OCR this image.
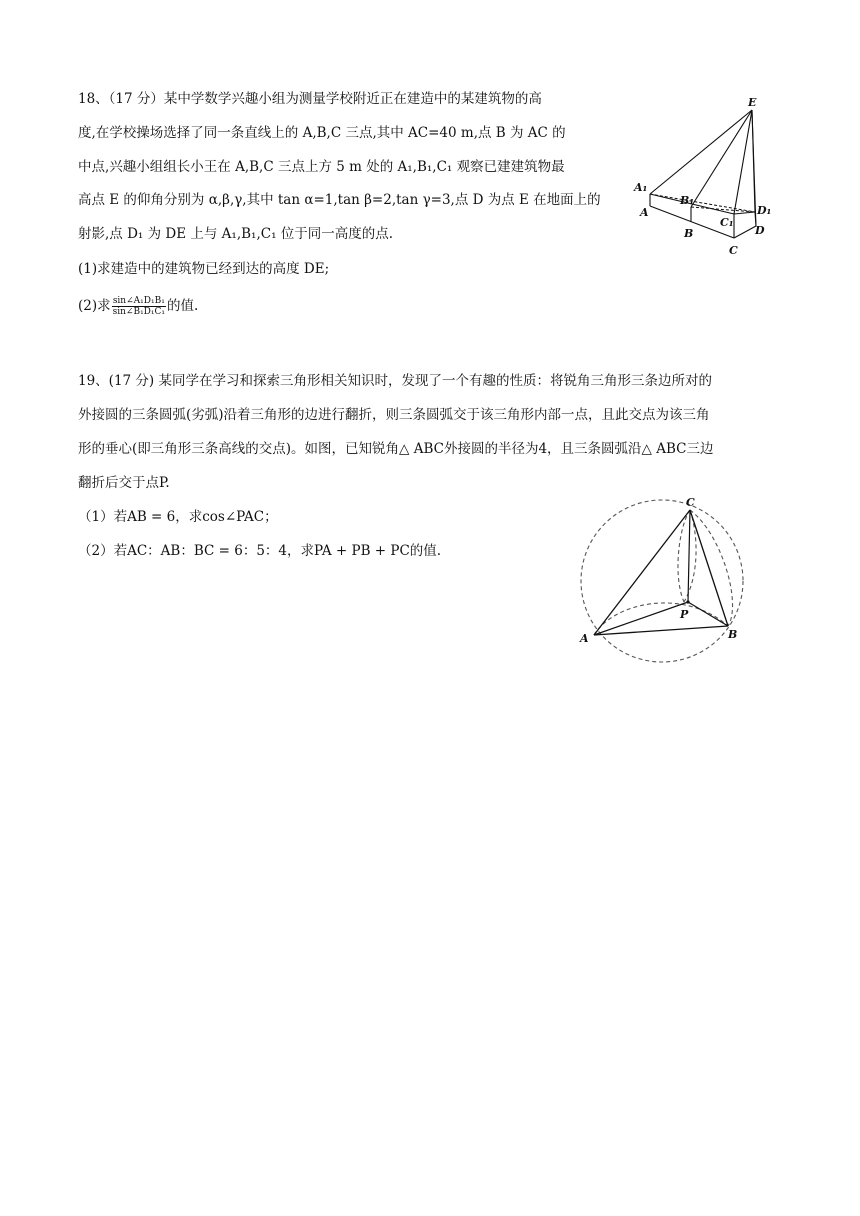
18、（17 分）某中学数学兴趣小组为测量学校附近正在建造中的某建筑物的高
度,在学校操场选择了同一条直线上的 A,B,C 三点,其中 AC=40 m,点 B 为 AC 的
中点,兴趣小组组长小王在 A,B,C 三点上方 5 m 处的 A₁,B₁,C₁ 观察已建建筑物最
高点 E 的仰角分别为 α,β,γ,其中 tan α=1,tan β=2,tan γ=3,点 D 为点 E 在地面上的
射影,点 D₁ 为 DE 上与 A₁,B₁,C₁ 位于同一高度的点.
(1)求建造中的建筑物已经到达的高度 DE;
(2)求 $\frac{\text{sin∠A₁D₁B₁}}{\text{sin∠B₁D₁C₁}}$ 的值.
E
A₁
A
B₁
B
C₁
C
D₁
D
19、(17 分) 某同学在学习和探索三角形相关知识时，发现了一个有趣的性质：将锐角三角形三条边所对的
外接圆的三条圆弧(劣弧)沿着三角形的边进行翻折，则三条圆弧交于该三角形内部一点，且此交点为该三角
形的垂心(即三角形三条高线的交点)。如图，已知锐角△ ABC外接圆的半径为4，且三条圆弧沿△ ABC三边
翻折后交于点P.
（1）若AB = 6，求cos∠PAC；
（2）若AC：AB：BC = 6：5：4，求PA + PB + PC的值.
C
P
A	B
